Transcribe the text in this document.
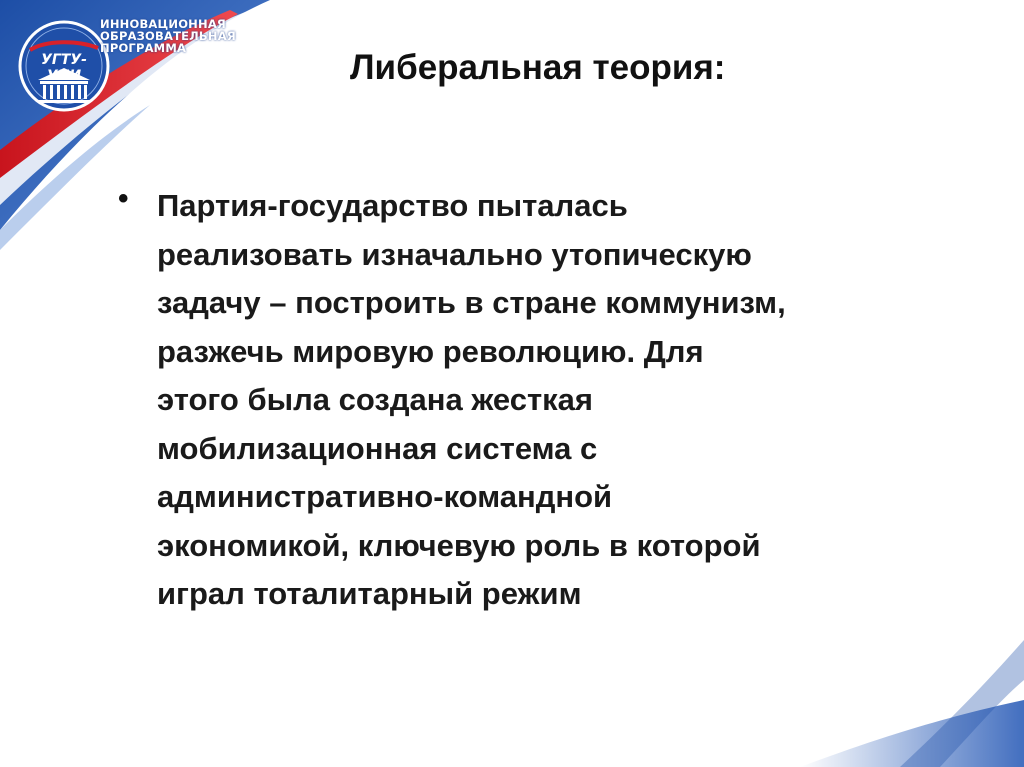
УГТУ-УПИ
ИННОВАЦИОННАЯ
ОБРАЗОВАТЕЛЬНАЯ
ПРОГРАММА	Либеральная теория:
• Партия-государство пыталась
реализовать изначально утопическую
задачу – построить в стране коммунизм,
разжечь мировую революцию. Для
этого была создана жесткая
мобилизационная система с
административно-командной
экономикой, ключевую роль в которой
играл тоталитарный режим
